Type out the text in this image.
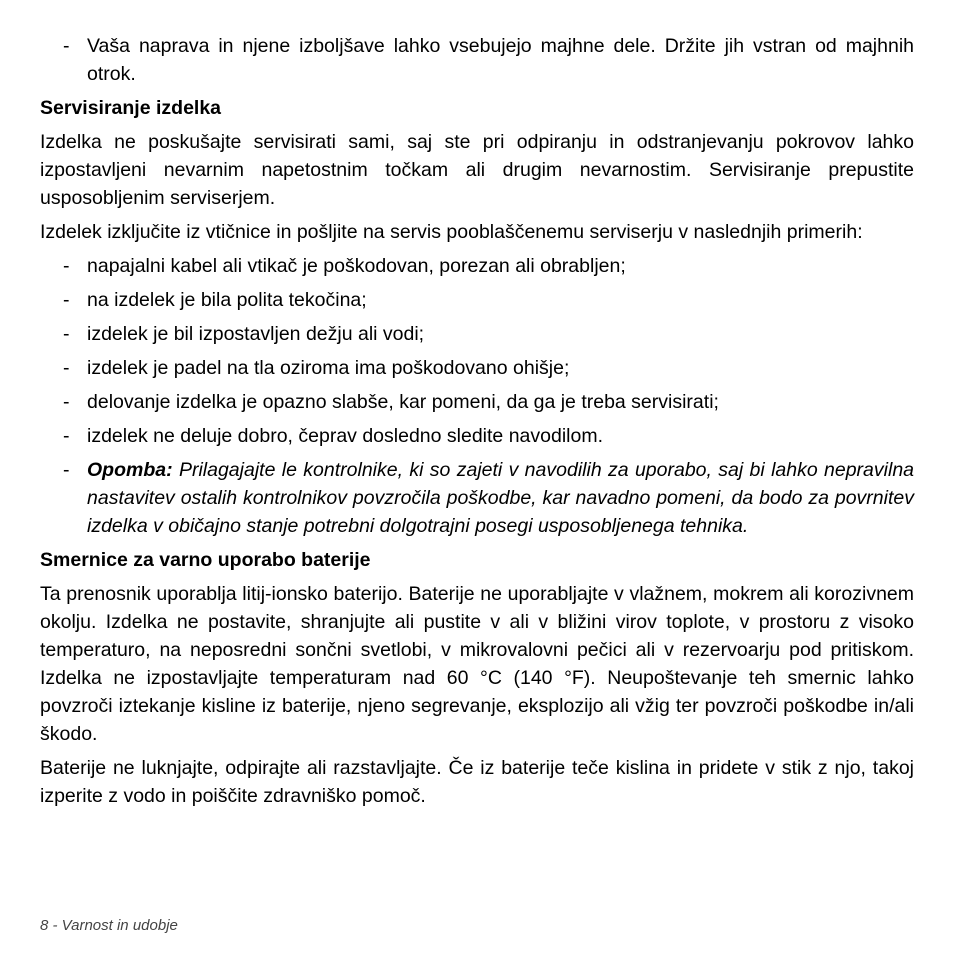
- Vaša naprava in njene izboljšave lahko vsebujejo majhne dele. Držite jih vstran od majhnih otrok.
Servisiranje izdelka

Izdelka ne poskušajte servisirati sami, saj ste pri odpiranju in odstranjevanju pokrovov lahko izpostavljeni nevarnim napetostnim točkam ali drugim nevarnostim. Servisiranje prepustite usposobljenim serviserjem.

Izdelek izključite iz vtičnice in pošljite na servis pooblaščenemu serviserju v naslednjih primerih:

- napajalni kabel ali vtikač je poškodovan, porezan ali obrabljen;
- na izdelek je bila polita tekočina;
- izdelek je bil izpostavljen dežju ali vodi;
- izdelek je padel na tla oziroma ima poškodovano ohišje;
- delovanje izdelka je opazno slabše, kar pomeni, da ga je treba servisirati;
- izdelek ne deluje dobro, čeprav dosledno sledite navodilom.
- Opomba: Prilagajajte le kontrolnike, ki so zajeti v navodilih za uporabo, saj bi lahko nepravilna nastavitev ostalih kontrolnikov povzročila poškodbe, kar navadno pomeni, da bodo za povrnitev izdelka v običajno stanje potrebni dolgotrajni posegi usposobljenega tehnika.
Smernice za varno uporabo baterije

Ta prenosnik uporablja litij-ionsko baterijo. Baterije ne uporabljajte v vlažnem, mokrem ali korozivnem okolju. Izdelka ne postavite, shranjujte ali pustite v ali v bližini virov toplote, v prostoru z visoko temperaturo, na neposredni sončni svetlobi, v mikrovalovni pečici ali v rezervoarju pod pritiskom. Izdelka ne izpostavljajte temperaturam nad 60 °C (140 °F). Neupoštevanje teh smernic lahko povzroči iztekanje kisline iz baterije, njeno segrevanje, eksplozijo ali vžig ter povzroči poškodbe in/ali škodo.

Baterije ne luknjajte, odpirajte ali razstavljajte. Če iz baterije teče kislina in pridete v stik z njo, takoj izperite z vodo in poiščite zdravniško pomoč.

8 - Varnost in udobje
